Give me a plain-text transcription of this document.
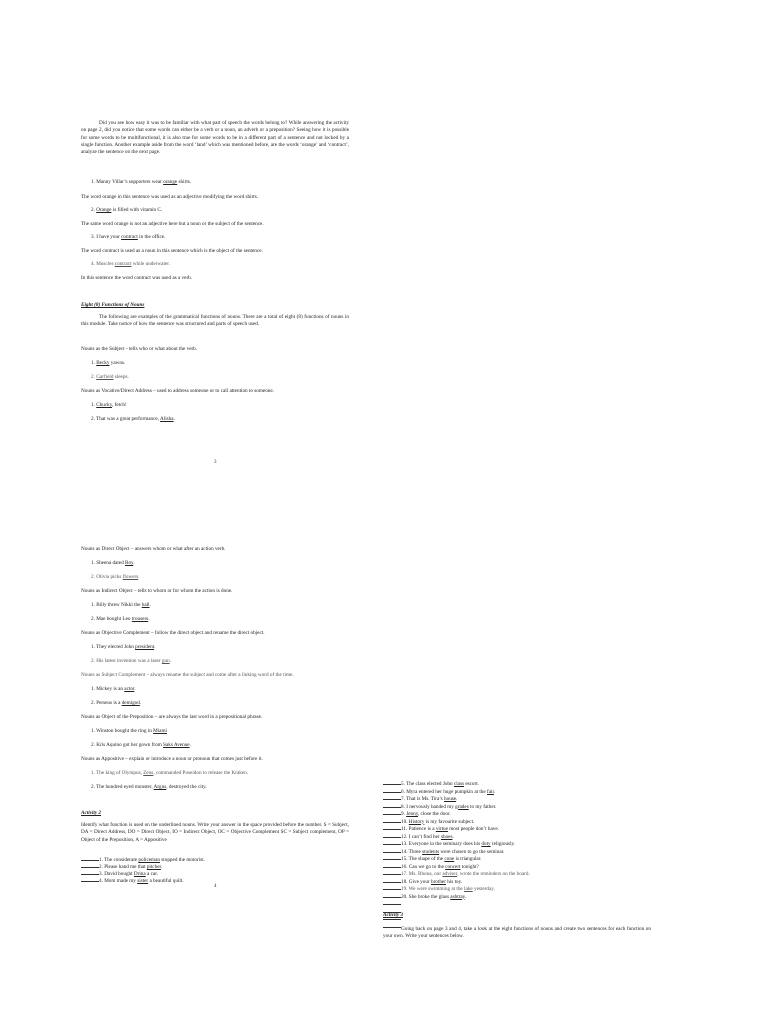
Did you see how easy it was to be familiar with what part of speech the words belong to? While answering the activity on page 2, did you notice that some words can either be a verb or a noun, an adverb or a preposition? Seeing how it is possible for some words to be multifunctional, it is also true for some words to be in a different part of a sentence and not locked by a single function. Another example aside from the word ‘land’ which was mentioned before, are the words ‘orange’ and ‘contract’, analyze the sentence on the next page.

1. Manny Villar’s supporters wear orange shirts.

The word orange in this sentence was used as an adjective modifying the word shirts.

2. Orange is filled with vitamin C.

The same word orange is not an adjective here but a noun or the subject of the sentence.

3. I have your contract in the office.

The word contract is used as a noun in this sentence which is the object of the sentence.

4. Muscles contract while underwater.

In this sentence the word contract was used as a verb.

Eight (8) Functions of Nouns

The following are examples of the grammatical functions of nouns. There are a total of eight (8) functions of nouns in this module. Take notice of how the sentence was structured and parts of speech used.

Nouns as the Subject - tells who or what about the verb.

1. Becky yawns.

2. Garfield sleeps.

Nouns as Vocative/Direct Address – used to address someone or to call attention to someone.

1. Chucky, fetch!

2. That was a great performance, Alisha.

3

Nouns as Direct Object – answers whom or what after an action verb.

1. Sheena dated Roy.

2. Olivia picks flowers.

Nouns as Indirect Object – tells to whom or for whom the action is done.

1. Billy threw Nikki the ball.

2. Mae bought Leo trousers.

Nouns as Objective Complement – follow the direct object and rename the direct object.

1. They elected John president.

2. His latest invention was a laser gun.

Nouns as Subject Complement – always rename the subject and come after a linking word of the time.

1. Mickey is an actor.

2. Perseus is a demigod.

Nouns as Object of the Preposition – are always the last word in a prepositional phrase.

1. Winston bought the ring in Miami

2. Kris Aquino got her gown from Saks Avenue.

Nouns as Appositive – explain or introduce a noun or pronoun that comes just before it.

1. The king of Olympus, Zeus, commanded Poseidon to release the Kraken.

2. The hundred eyed monster, Argus, destroyed the city.

Activity 2

Identify what function is used on the underlined nouns. Write your answer in the space provided before the number. S = Subject, DA = Direct Address, DO = Direct Object, IO = Indirect Object, OC = Objective Complement SC = Subject complement, OP = Object of the Preposition, A = Appositive

1. The considerate policeman stopped the motorist.

2. Please hand me that pitcher.

3. David bought Drina a car.

4. Mom made my sister a beautiful quilt.

4

5. The class elected John class escort.

6. Myra entered her huge pumpkin at the fair.

7. That is Ms. Tira’s house.

8. I nervously handed my grades to my father.

9. Jenny, close the door.

10. History is my favourite subject.

11. Patience is a virtue most people don’t have.

12. I can’t find her shoes.

13. Everyone in the seminary does his duty religiously.

14. Three students were chosen to go the seminar.

15. The shape of the cone is triangular.

16. Can we go to the concert tonight?

17. Ms. Rhona, our adviser, wrote the reminders on the board.

18. Give your brother his toy.

19. We were swimming at the lake yesterday.

20. She broke the glass ashtray.

Activity 3

Going back on page 3 and 4, take a look at the eight functions of nouns and create two sentences for each function on your own. Write your sentences below.
